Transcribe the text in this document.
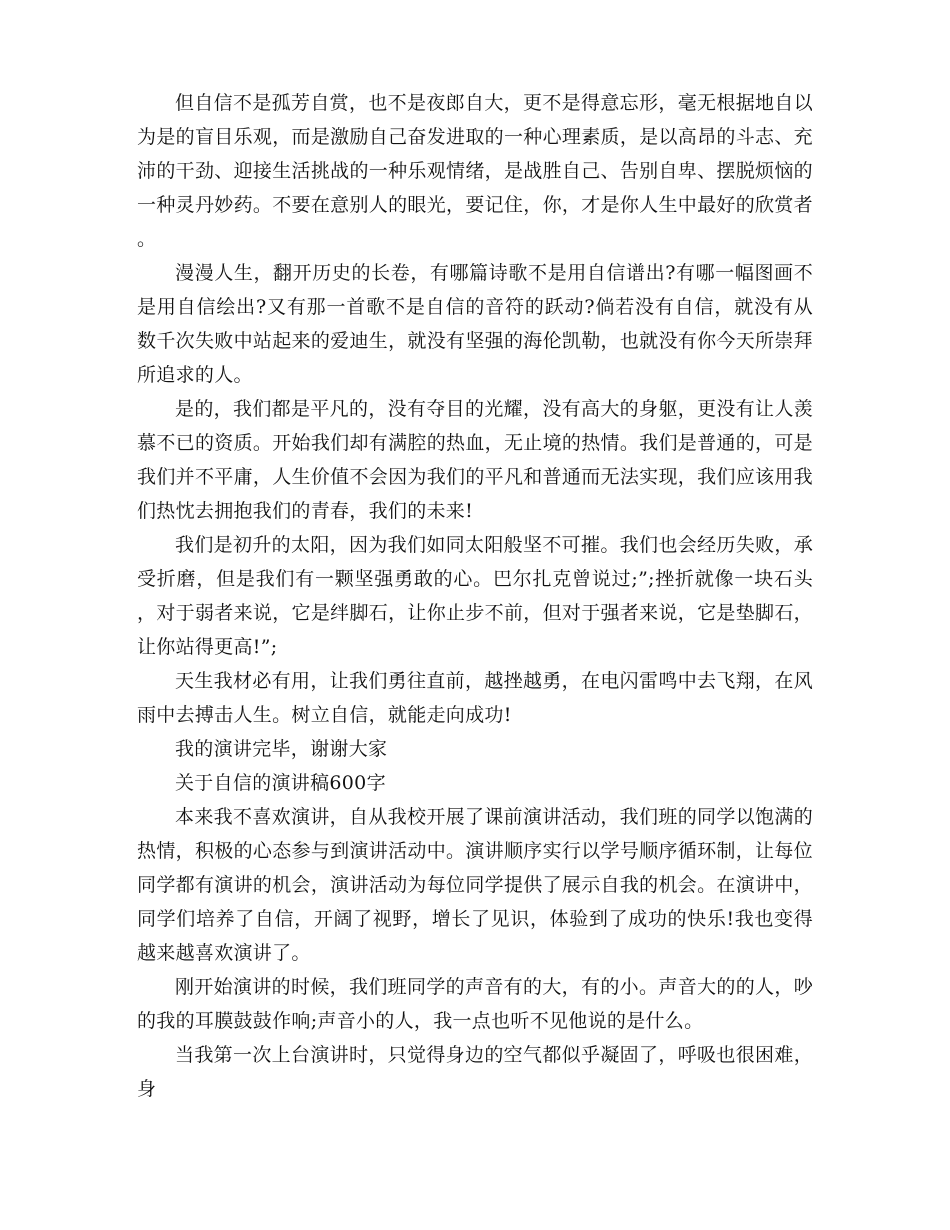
但自信不是孤芳自赏，也不是夜郎自大，更不是得意忘形，毫无根据地自以为是的盲目乐观，而是激励自己奋发进取的一种心理素质，是以高昂的斗志、充沛的干劲、迎接生活挑战的一种乐观情绪，是战胜自己、告别自卑、摆脱烦恼的一种灵丹妙药。不要在意别人的眼光，要记住，你，才是你人生中最好的欣赏者。

漫漫人生，翻开历史的长卷，有哪篇诗歌不是用自信谱出?有哪一幅图画不是用自信绘出?又有那一首歌不是自信的音符的跃动?倘若没有自信，就没有从数千次失败中站起来的爱迪生，就没有坚强的海伦凯勒，也就没有你今天所崇拜所追求的人。

是的，我们都是平凡的，没有夺目的光耀，没有高大的身躯，更没有让人羡慕不已的资质。开始我们却有满腔的热血，无止境的热情。我们是普通的，可是我们并不平庸，人生价值不会因为我们的平凡和普通而无法实现，我们应该用我们热忱去拥抱我们的青春，我们的未来!

我们是初升的太阳，因为我们如同太阳般坚不可摧。我们也会经历失败，承受折磨，但是我们有一颗坚强勇敢的心。巴尔扎克曾说过;”;挫折就像一块石头，对于弱者来说，它是绊脚石，让你止步不前，但对于强者来说，它是垫脚石，让你站得更高!”;

天生我材必有用，让我们勇往直前，越挫越勇，在电闪雷鸣中去飞翔，在风雨中去搏击人生。树立自信，就能走向成功!

我的演讲完毕，谢谢大家

关于自信的演讲稿600字

本来我不喜欢演讲，自从我校开展了课前演讲活动，我们班的同学以饱满的热情，积极的心态参与到演讲活动中。演讲顺序实行以学号顺序循环制，让每位同学都有演讲的机会，演讲活动为每位同学提供了展示自我的机会。在演讲中，同学们培养了自信，开阔了视野，增长了见识，体验到了成功的快乐!我也变得越来越喜欢演讲了。

刚开始演讲的时候，我们班同学的声音有的大，有的小。声音大的的人，吵的我的耳膜鼓鼓作响;声音小的人，我一点也听不见他说的是什么。

当我第一次上台演讲时，只觉得身边的空气都似乎凝固了，呼吸也很困难，身
